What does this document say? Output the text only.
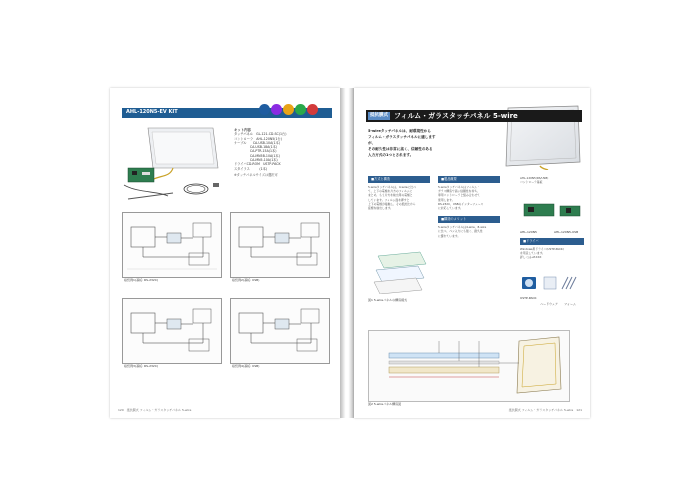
AHL-120N5-EV KIT
キット内容
タッチパネル　GL-121-CD-SC(1台)
コントローラ　AHL-120N5(1台)
ケーブル　　CA-USB-10A(1本)
　　　　　CA-USB-18A(1本)
　　　　　CA-PTR-15A(1本)
　　　　　CA-MN5B-10A(1本)
　　　　　CA-MN5-10A(1本)
ドライバCD-ROM　USTP-PACK
スタイラス　　　(1本)
※タッチパネルサイズは選択可
接続例1(基板: RS-232C)	接続例2(基板: USB)
接続例3(基板: RS-232C)	接続例4(基板: USB)
120　抵抗膜式 フィルム・ガラスタッチパネル 5-wire
抵抗膜式 フィルム・ガラスタッチパネル 5-wire
5-wireタッチパネルは、耐環境性から
フィルム・ガラスタッチパネルに適しますが、
その耐久性は非常に高く、信頼性のある
入力方式の1つとされます。
■方式と構造
5-wireタッチパネルは、4-wireに比べ
て、上下の電極を片方のフィルムに
まとめ、もう片方を検出用の電極と
しています。フィルム面を押すと
上下の電極が接触し、その抵抗比から
座標を検出します。
図1 5-wireパネルの構造模式
■製品概要
5-wireタッチパネルはフィルム・
ガラス構造で高い信頼性を持ち、
専用コントローラと組み合わせて
使用します。
RS-232C、USBのインターフェース
に対応しています。
■構造のメリット
5-wireタッチパネルは4-wire、8-wire
に比べ、ペン入力にも強く、耐久性
に優れています。
AHL-120N5(RS/USB)
コントローラ基板
AHL-120N5	AHL-120N5-USB
■ドライバ
Windows用ドライバ(USTP-PACK)
を用意しています。
詳しくは→P.XXX
USTP-PACK
ハードウェア フォーム
図2 5-wireパネル構造図
抵抗膜式 フィルム・ガラスタッチパネル 5-wire　121
